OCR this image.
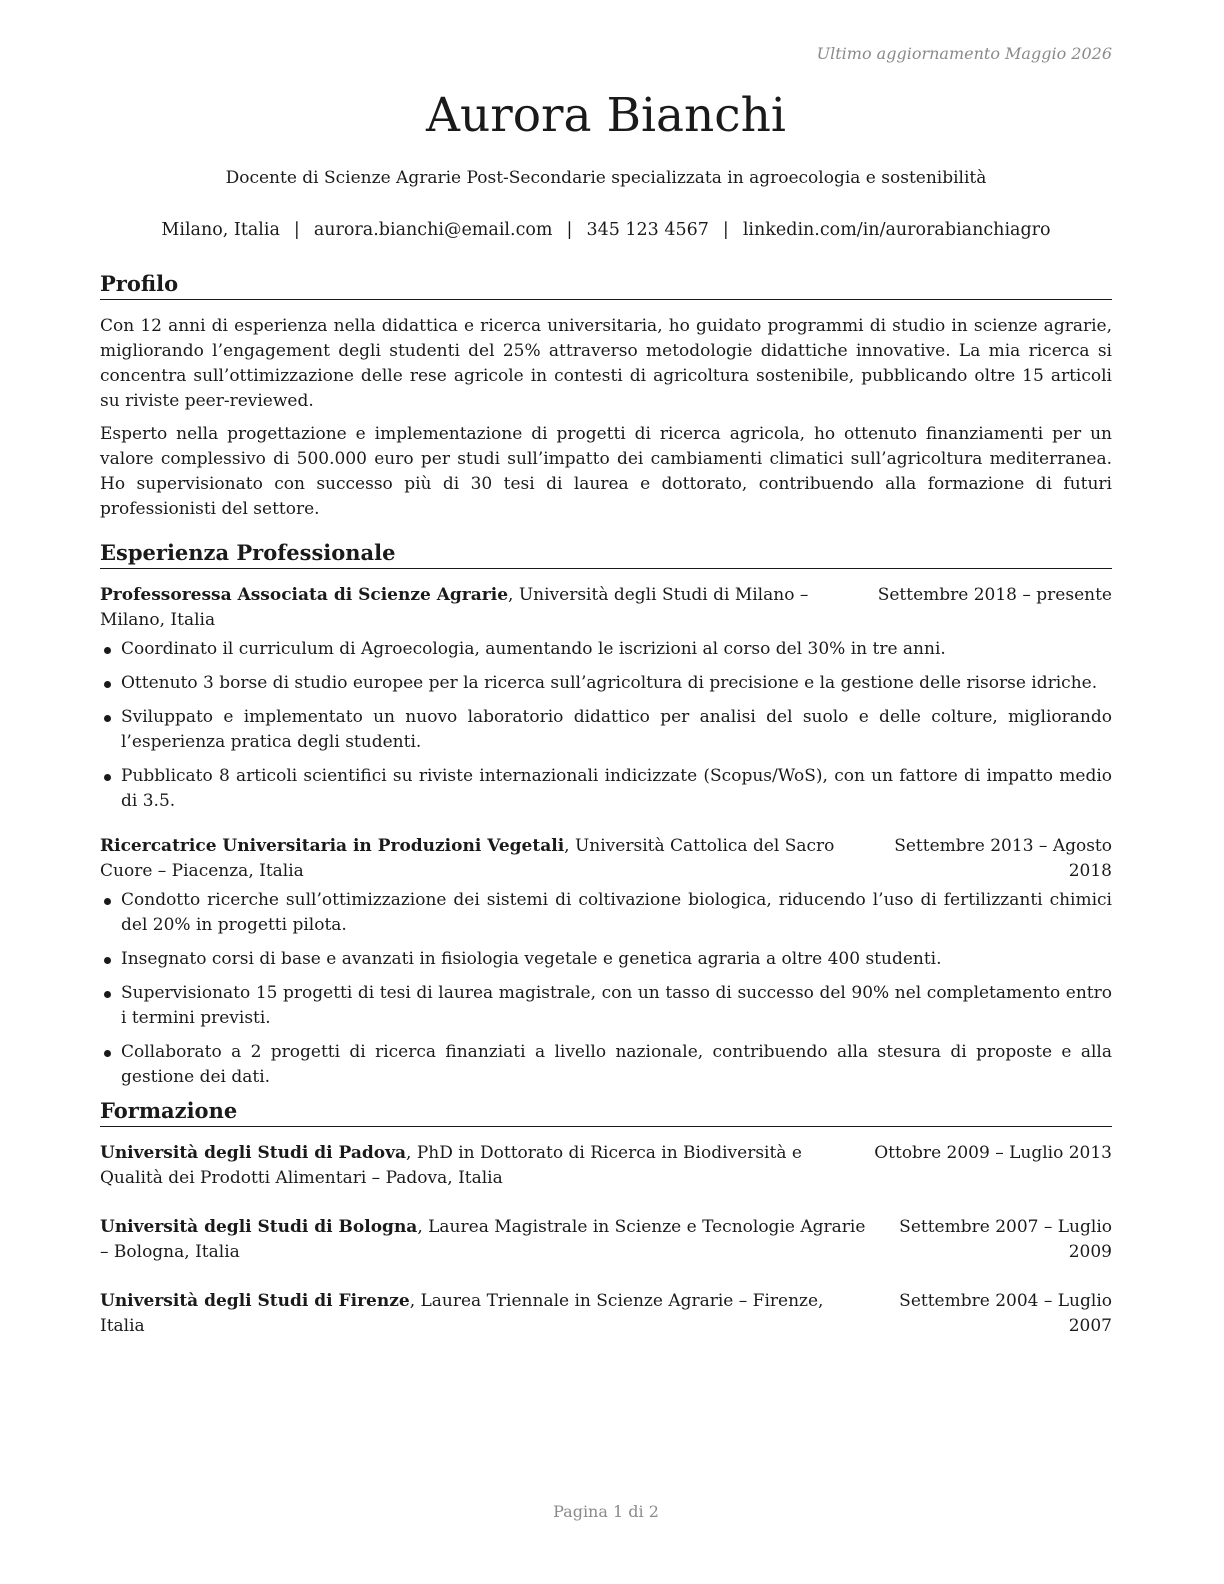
Ultimo aggiornamento Maggio 2026
Aurora Bianchi
Docente di Scienze Agrarie Post-Secondarie specializzata in agroecologia e sostenibilità
Milano, Italia | aurora.bianchi@email.com | 345 123 4567 | linkedin.com/in/aurorabianchiagro
Profilo

Con 12 anni di esperienza nella didattica e ricerca universitaria, ho guidato programmi di studio in scienze agrarie, migliorando l’engagement degli studenti del 25% attraverso metodologie didattiche innovative. La mia ricerca si concentra sull’ottimizzazione delle rese agricole in contesti di agricoltura sostenibile, pubblicando oltre 15 articoli su riviste peer-reviewed.

Esperto nella progettazione e implementazione di progetti di ricerca agricola, ho ottenuto finanziamenti per un valore complessivo di 500.000 euro per studi sull’impatto dei cambiamenti climatici sull’agricoltura mediterranea. Ho supervisionato con successo più di 30 tesi di laurea e dottorato, contribuendo alla formazione di futuri professionisti del settore.

Esperienza Professionale
Professoressa Associata di Scienze Agrarie, Università degli Studi di Milano – Milano, Italia
Settembre 2018 – presente
Coordinato il curriculum di Agroecologia, aumentando le iscrizioni al corso del 30% in tre anni.
Ottenuto 3 borse di studio europee per la ricerca sull’agricoltura di precisione e la gestione delle risorse idriche.
Sviluppato e implementato un nuovo laboratorio didattico per analisi del suolo e delle colture, migliorando l’esperienza pratica degli studenti.
Pubblicato 8 articoli scientifici su riviste internazionali indicizzate (Scopus/WoS), con un fattore di impatto medio di 3.5.
Ricercatrice Universitaria in Produzioni Vegetali, Università Cattolica del Sacro Cuore – Piacenza, Italia
Settembre 2013 – Agosto 2018
Condotto ricerche sull’ottimizzazione dei sistemi di coltivazione biologica, riducendo l’uso di fertilizzanti chimici del 20% in progetti pilota.
Insegnato corsi di base e avanzati in fisiologia vegetale e genetica agraria a oltre 400 studenti.
Supervisionato 15 progetti di tesi di laurea magistrale, con un tasso di successo del 90% nel completamento entro i termini previsti.
Collaborato a 2 progetti di ricerca finanziati a livello nazionale, contribuendo alla stesura di proposte e alla gestione dei dati.
Formazione
Università degli Studi di Padova, PhD in Dottorato di Ricerca in Biodiversità e Qualità dei Prodotti Alimentari – Padova, Italia
Ottobre 2009 – Luglio 2013
Università degli Studi di Bologna, Laurea Magistrale in Scienze e Tecnologie Agrarie – Bologna, Italia
Settembre 2007 – Luglio 2009
Università degli Studi di Firenze, Laurea Triennale in Scienze Agrarie – Firenze, Italia
Settembre 2004 – Luglio 2007
Pagina 1 di 2
